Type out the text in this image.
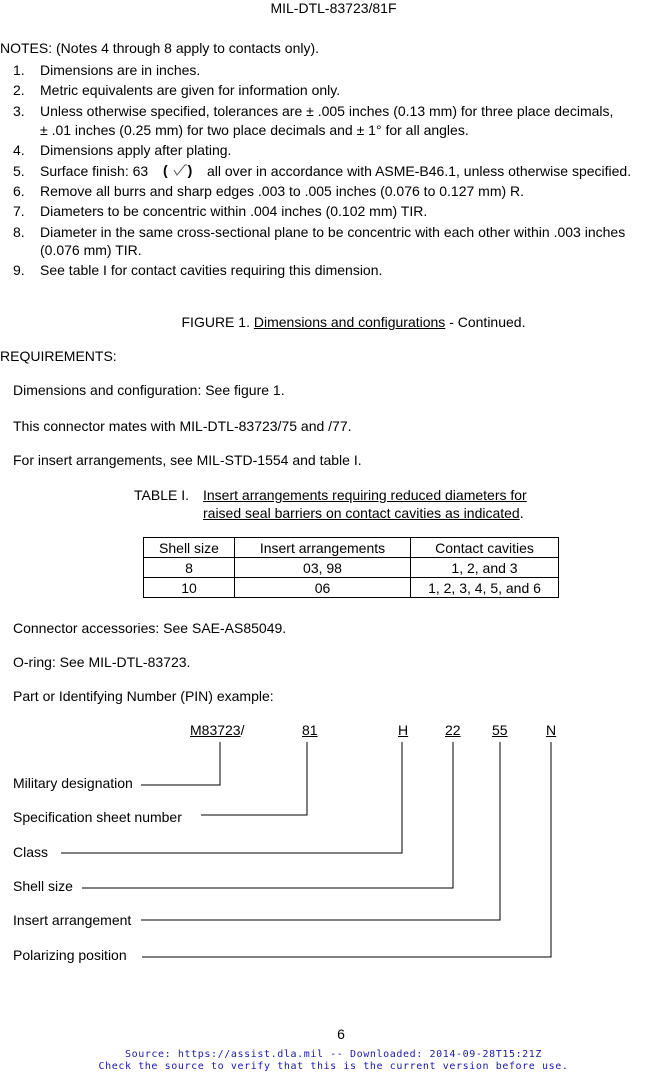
MIL-DTL-83723/81F
NOTES: (Notes 4 through 8 apply to contacts only).
1. Dimensions are in inches.
2. Metric equivalents are given for information only.
3. Unless otherwise specified, tolerances are ± .005 inches (0.13 mm) for three place decimals,
± .01 inches (0.25 mm) for two place decimals and ± 1° for all angles.
4. Dimensions apply after plating.
5. Surface finish: 63 ( ) all over in accordance with ASME-B46.1, unless otherwise specified.
6. Remove all burrs and sharp edges .003 to .005 inches (0.076 to 0.127 mm) R.
7. Diameters to be concentric within .004 inches (0.102 mm) TIR.
8. Diameter in the same cross-sectional plane to be concentric with each other within .003 inches
(0.076 mm) TIR.
9. See table I for contact cavities requiring this dimension.
FIGURE 1. Dimensions and configurations - Continued.
REQUIREMENTS:
Dimensions and configuration: See figure 1.
This connector mates with MIL-DTL-83723/75 and /77.
For insert arrangements, see MIL-STD-1554 and table I.
TABLE I. Insert arrangements requiring reduced diameters for
raised seal barriers on contact cavities as indicated.
Shell size	Insert arrangements	Contact cavities
8	03, 98	1, 2, and 3
10	06	1, 2, 3, 4, 5, and 6
Connector accessories: See SAE-AS85049.
O-ring: See MIL-DTL-83723.
Part or Identifying Number (PIN) example:
M83723/	81	H	22 55	N
Military designation
Specification sheet number
Class
Shell size
Insert arrangement
Polarizing position
6
Source: https://assist.dla.mil -- Downloaded: 2014-09-28T15:21Z
Check the source to verify that this is the current version before use.
